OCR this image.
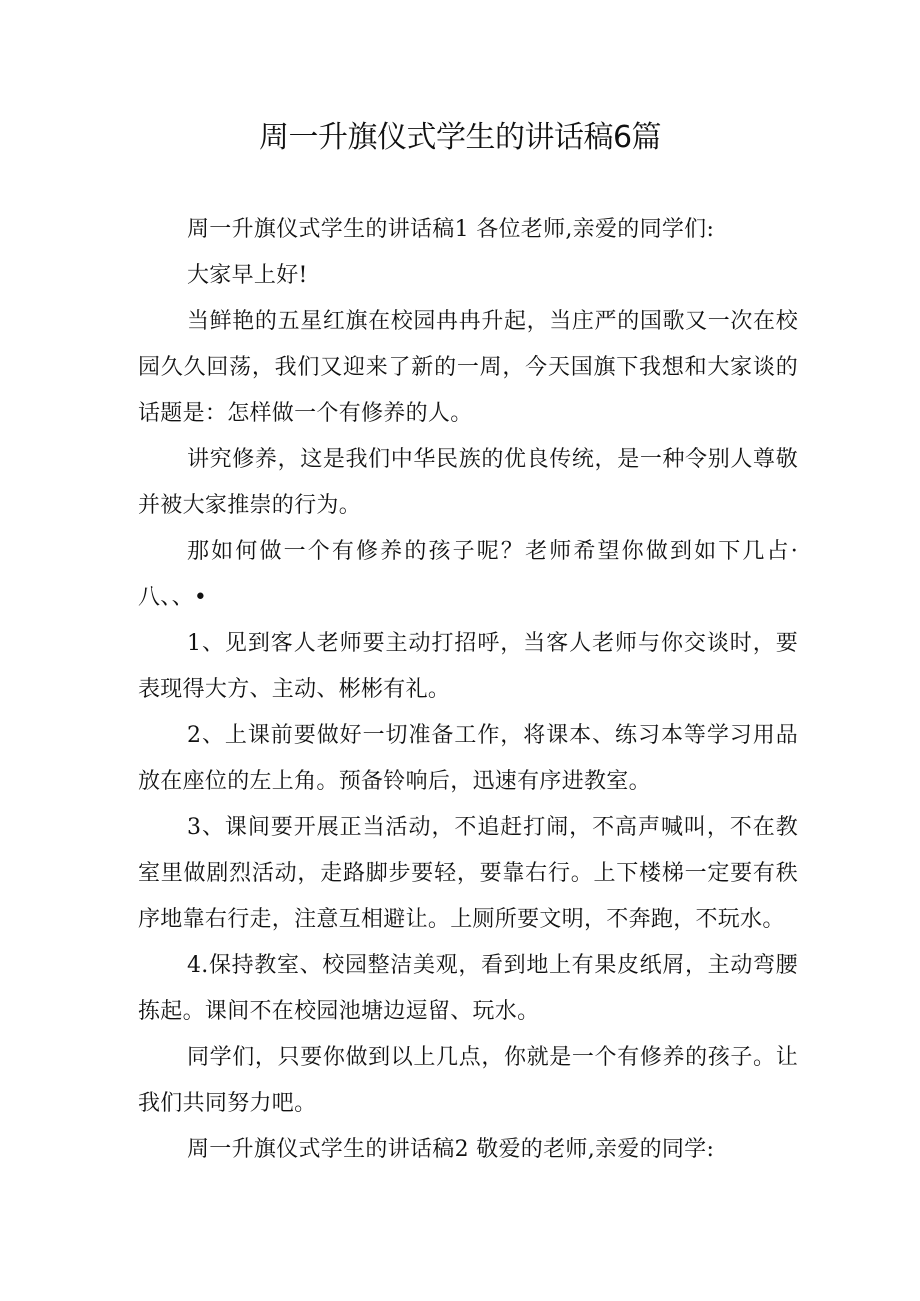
周一升旗仪式学生的讲话稿6篇

周一升旗仪式学生的讲话稿1 各位老师,亲爱的同学们:

大家早上好!

当鲜艳的五星红旗在校园冉冉升起，当庄严的国歌又一次在校园久久回荡，我们又迎来了新的一周，今天国旗下我想和大家谈的话题是：怎样做一个有修养的人。

讲究修养，这是我们中华民族的优良传统，是一种令别人尊敬并被大家推崇的行为。

那如何做一个有修养的孩子呢？老师希望你做到如下几占·八、、•

1、见到客人老师要主动打招呼，当客人老师与你交谈时，要表现得大方、主动、彬彬有礼。

2、上课前要做好一切准备工作，将课本、练习本等学习用品放在座位的左上角。预备铃响后，迅速有序进教室。

3、课间要开展正当活动，不追赶打闹，不高声喊叫，不在教室里做剧烈活动，走路脚步要轻，要靠右行。上下楼梯一定要有秩序地靠右行走，注意互相避让。上厕所要文明，不奔跑，不玩水。

4.保持教室、校园整洁美观，看到地上有果皮纸屑，主动弯腰拣起。课间不在校园池塘边逗留、玩水。

同学们，只要你做到以上几点，你就是一个有修养的孩子。让我们共同努力吧。

周一升旗仪式学生的讲话稿2 敬爱的老师,亲爱的同学:
